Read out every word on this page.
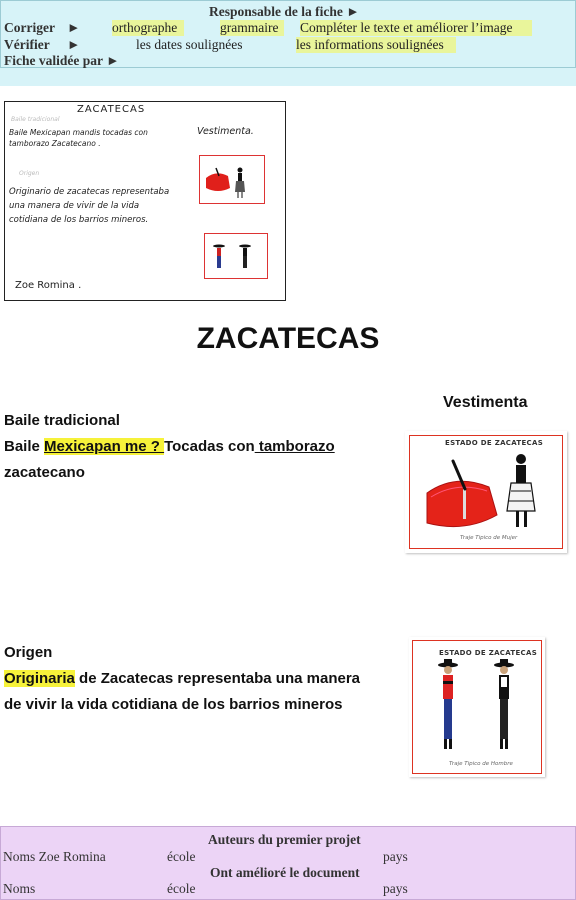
Responsable de la fiche ►
Corriger ► orthographe	grammaire	Compléter le texte et améliorer l’image
Vérifier ►	les dates soulignées	les informations soulignées
Fiche validée par ►
ZACATECAS
Baile tradicional
Baile Mexicapan mandis tocadas con
tamborazo Zacatecano .
Origen
Originario de zacatecas representaba
una manera de vivir de la vida
cotidiana de los barrios mineros.
Vestimenta.
Zoe Romina .
ZACATECAS
Vestimenta
Baile tradicional
Baile Mexicapan me ? Tocadas con tamborazo
zacatecano
Origen
Originaria de Zacatecas representaba una manera
de vivir la vida cotidiana de los barrios mineros
ESTADO DE ZACATECAS
Traje Tipico de Mujer
ESTADO DE ZACATECAS
Traje Tipico de Hombre
Auteurs du premier projet
Noms Zoe Romina	école	pays
Ont amélioré le document
Noms	école	pays
